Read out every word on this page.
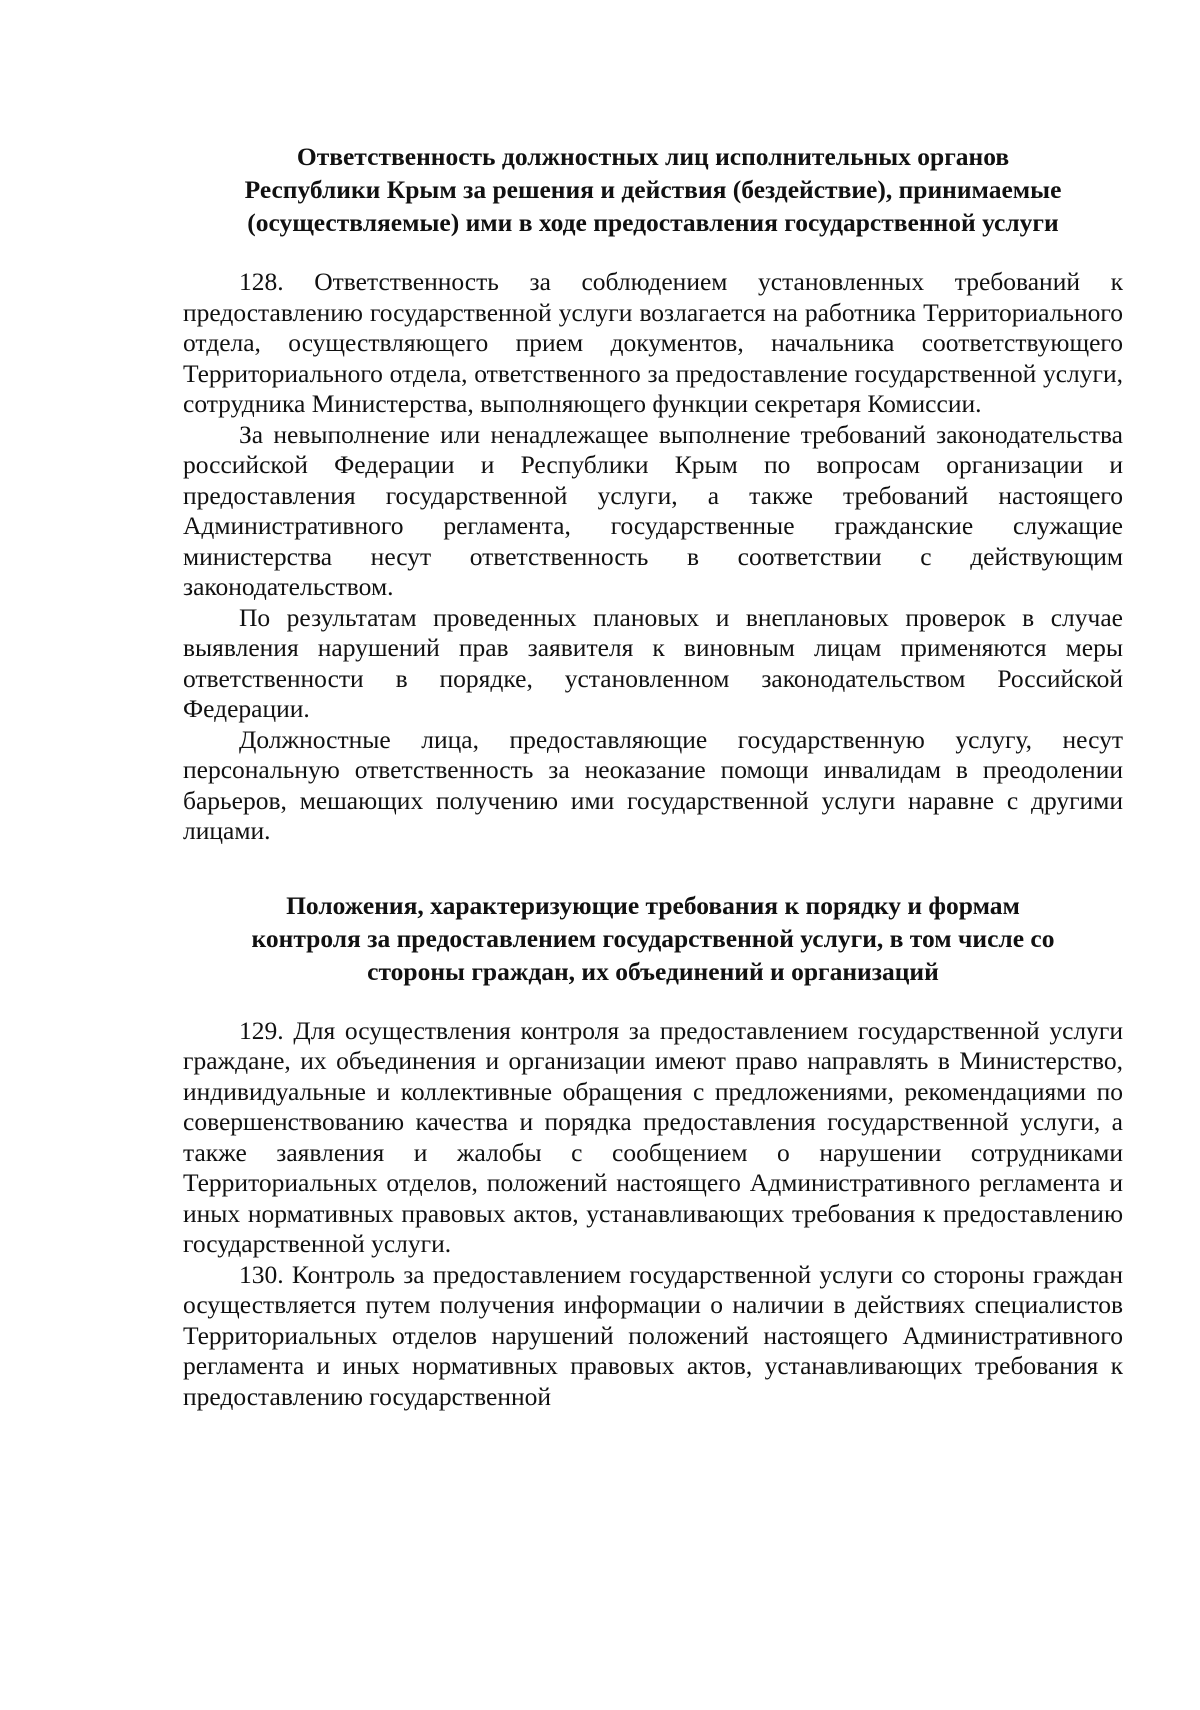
Ответственность должностных лиц исполнительных органов
Республики Крым за решения и действия (бездействие), принимаемые
(осуществляемые) ими в ходе предоставления государственной услуги

128. Ответственность за соблюдением установленных требований к предоставлению государственной услуги возлагается на работника Территориального отдела, осуществляющего прием документов, начальника соответствующего Территориального отдела, ответственного за предоставление государственной услуги, сотрудника Министерства, выполняющего функции секретаря Комиссии.

За невыполнение или ненадлежащее выполнение требований законодательства российской Федерации и Республики Крым по вопросам организации и предоставления государственной услуги, а также требований настоящего Административного регламента, государственные гражданские служащие министерства несут ответственность в соответствии с действующим законодательством.

По результатам проведенных плановых и внеплановых проверок в случае выявления нарушений прав заявителя к виновным лицам применяются меры ответственности в порядке, установленном законодательством Российской Федерации.

Должностные лица, предоставляющие государственную услугу, несут персональную ответственность за неоказание помощи инвалидам в преодолении барьеров, мешающих получению ими государственной услуги наравне с другими лицами.

Положения, характеризующие требования к порядку и формам
контроля за предоставлением государственной услуги, в том числе со
стороны граждан, их объединений и организаций

129. Для осуществления контроля за предоставлением государственной услуги граждане, их объединения и организации имеют право направлять в Министерство, индивидуальные и коллективные обращения с предложениями, рекомендациями по совершенствованию качества и порядка предоставления государственной услуги, а также заявления и жалобы с сообщением о нарушении сотрудниками Территориальных отделов, положений настоящего Административного регламента и иных нормативных правовых актов, устанавливающих требования к предоставлению государственной услуги.

130. Контроль за предоставлением государственной услуги со стороны граждан осуществляется путем получения информации о наличии в действиях специалистов Территориальных отделов нарушений положений настоящего Административного регламента и иных нормативных правовых актов, устанавливающих требования к предоставлению государственной
